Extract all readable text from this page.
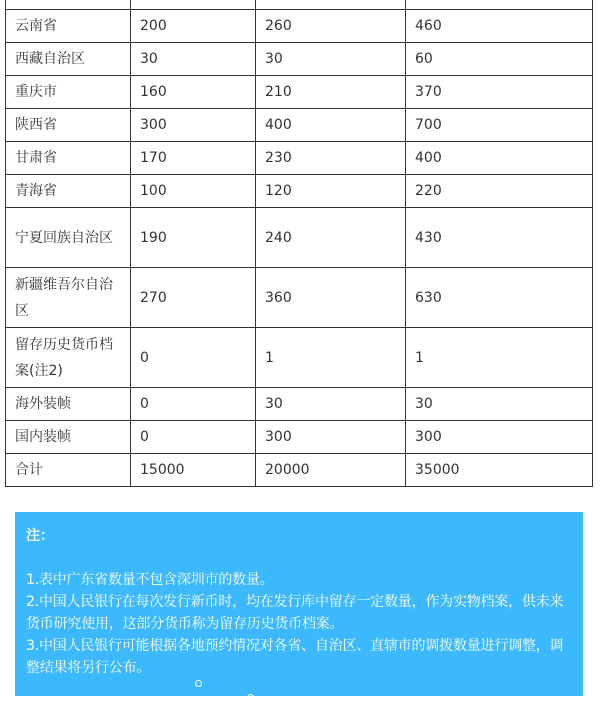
云南省	200	260	460
西藏自治区	30	30	60
重庆市	160	210	370
陕西省	300	400	700
甘肃省	170	230	400
青海省	100	120	220
宁夏回族自治区	190	240	430
新疆维吾尔自治区	270	360	630
留存历史货币档案(注2)	0	1	1
海外装帧	0	30	30
国内装帧	0	300	300
合计	15000	20000	35000
注：
1.表中广东省数量不包含深圳市的数量。
2.中国人民银行在每次发行新币时，均在发行库中留存一定数量，作为实物档案，供未来货币研究使用，这部分货币称为留存历史货币档案。
3.中国人民银行可能根据各地预约情况对各省、自治区、直辖市的调拨数量进行调整，调整结果将另行公布。
